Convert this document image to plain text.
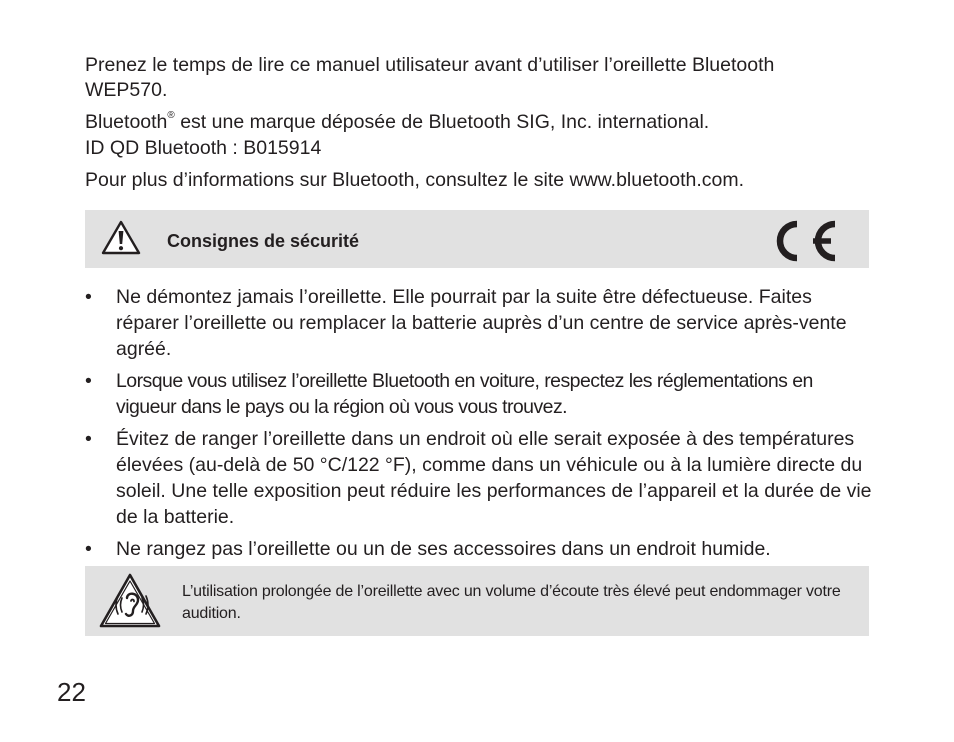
Prenez le temps de lire ce manuel utilisateur avant d’utiliser l’oreillette Bluetooth WEP570.

Bluetooth® est une marque déposée de Bluetooth SIG, Inc. international.

ID QD Bluetooth : B015914

Pour plus d’informations sur Bluetooth, consultez le site www.bluetooth.com.

Consignes de sécurité
• Ne démontez jamais l’oreillette. Elle pourrait par la suite être défectueuse. Faites réparer l’oreillette ou remplacer la batterie auprès d’un centre de service après-vente agréé.
• Lorsque vous utilisez l’oreillette Bluetooth en voiture, respectez les réglementations en vigueur dans le pays ou la région où vous vous trouvez.
• Évitez de ranger l’oreillette dans un endroit où elle serait exposée à des températures élevées (au-delà de 50 °C/122 °F), comme dans un véhicule ou à la lumière directe du soleil. Une telle exposition peut réduire les performances de l’appareil et la durée de vie de la batterie.
• Ne rangez pas l’oreillette ou un de ses accessoires dans un endroit humide.
L’utilisation prolongée de l’oreillette avec un volume d’écoute très élevé peut endommager votre audition.
22
